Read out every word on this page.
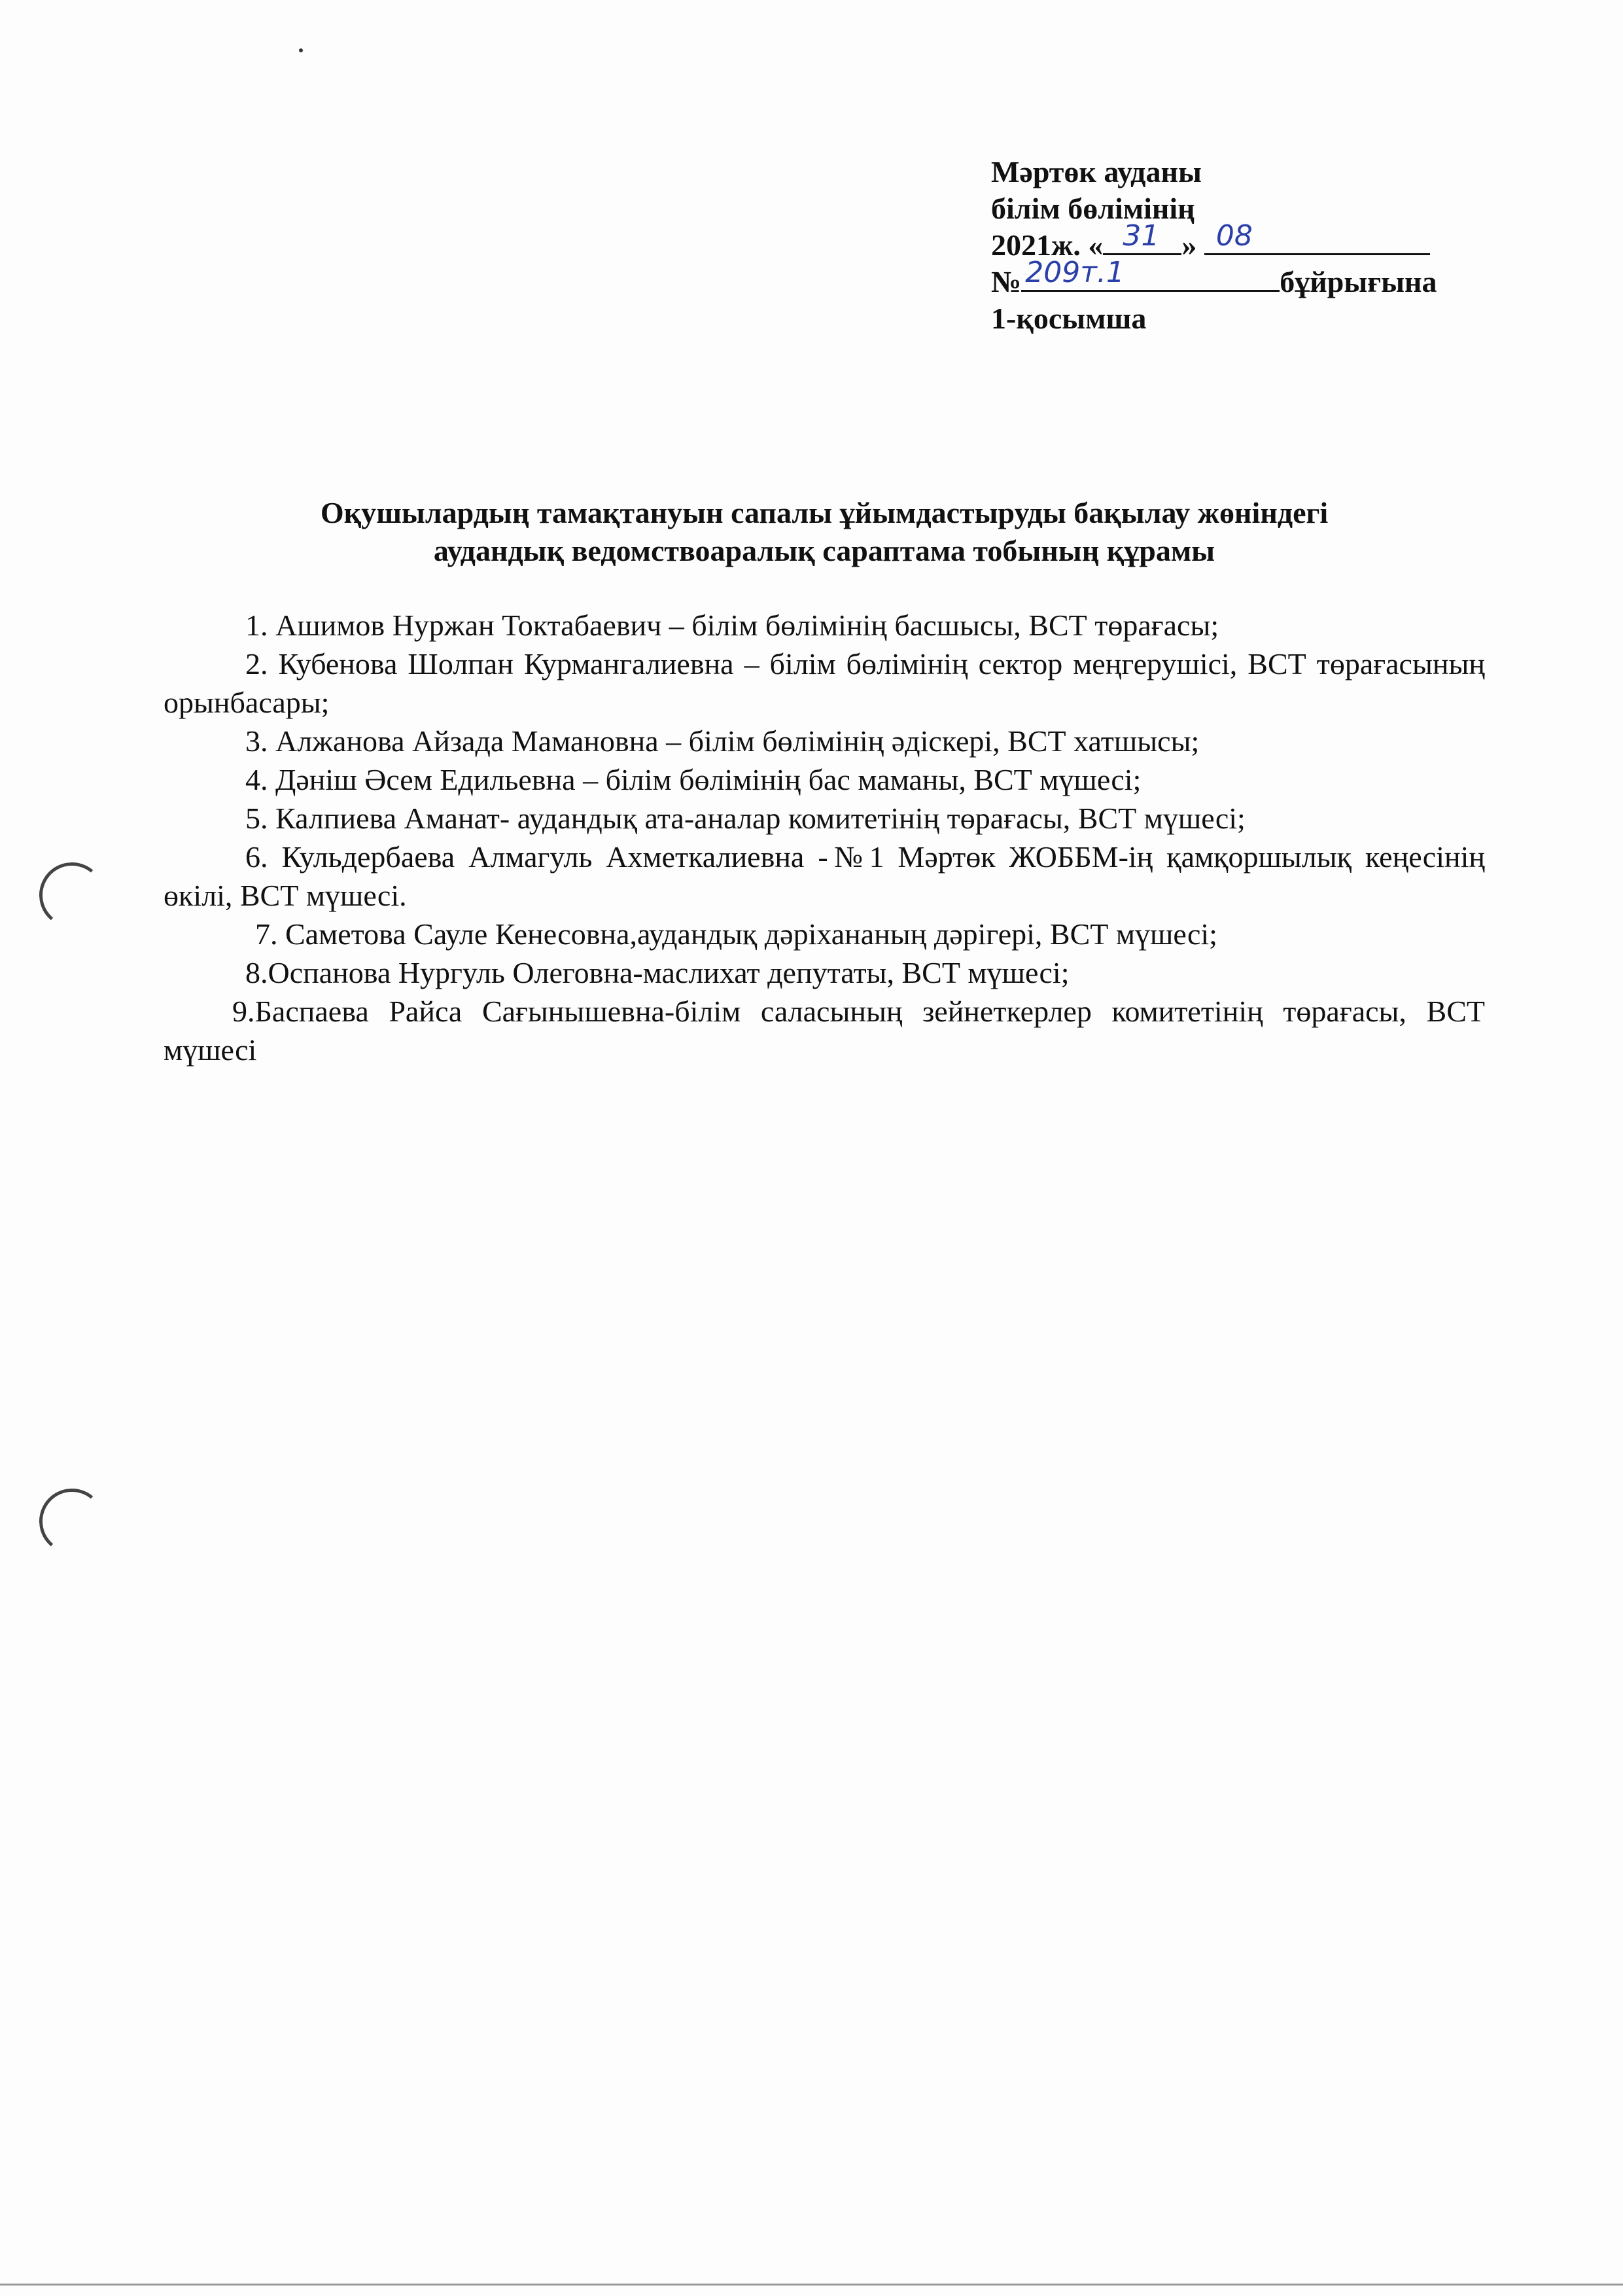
Мәртөк ауданы
білім бөлімінің
2021ж. « 31 » 08
№ 209т.1	бұйрығына
1-қосымша
Оқушылардың тамақтануын сапалы ұйымдастыруды бақылау жөніндегі
аудандық ведомствоаралық сараптама тобының құрамы
1. Ашимов Нуржан Токтабаевич – білім бөлімінің басшысы, ВСТ төрағасы;
2. Кубенова Шолпан Курмангалиевна – білім бөлімінің сектор меңгерушісі, ВСТ төрағасының орынбасары;
3. Алжанова Айзада Мамановна – білім бөлімінің әдіскері, ВСТ хатшысы;
4. Дәніш Әсем Едильевна – білім бөлімінің бас маманы, ВСТ мүшесі;
5. Калпиева Аманат- аудандық ата-аналар комитетінің төрағасы, ВСТ мүшесі;
6. Кульдербаева Алмагуль Ахметкалиевна -№1 Мәртөк ЖОББМ-ің қамқоршылық кеңесінің өкілі, ВСТ мүшесі.
7. Саметова Сауле Кенесовна,аудандық дәріхананың дәрігері, ВСТ мүшесі;
8.Оспанова Нургуль Олеговна-маслихат депутаты, ВСТ мүшесі;
9.Баспаева Райса Сағынышевна-білім саласының зейнеткерлер комитетінің төрағасы, ВСТ мүшесі
